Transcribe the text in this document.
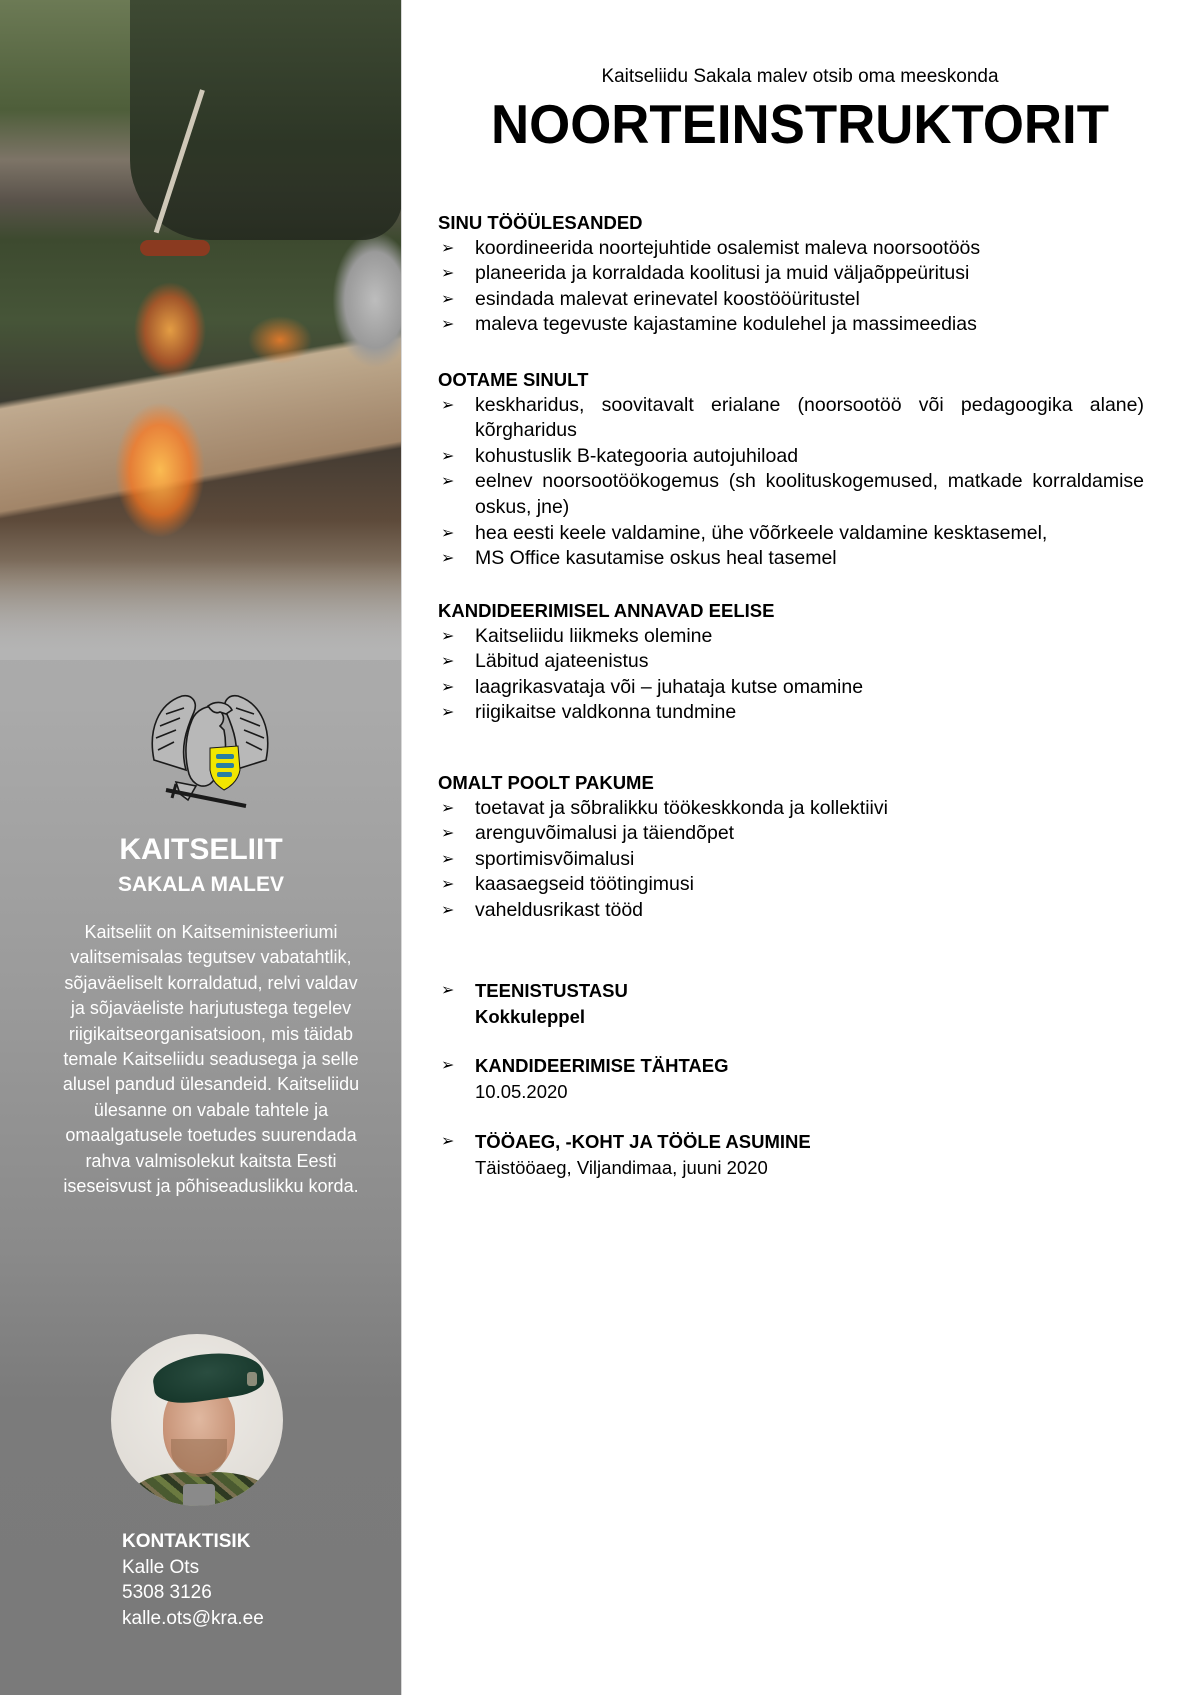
KAITSELIIT
SAKALA MALEV
Kaitseliit on Kaitseministeeriumi valitsemisalas tegutsev vabatahtlik, sõjaväeliselt korraldatud, relvi valdav ja sõjaväeliste harjutustega tegelev riigikaitseorganisatsioon, mis täidab temale Kaitseliidu seadusega ja selle alusel pandud ülesandeid. Kaitseliidu ülesanne on vabale tahtele ja omaalgatusele toetudes suurendada rahva valmisolekut kaitsta Eesti iseseisvust ja põhiseaduslikku korda.
KONTAKTISIK
Kalle Ots
5308 3126
kalle.ots@kra.ee
Kaitseliidu Sakala malev otsib oma meeskonda
NOORTEINSTRUKTORIT
SINU TÖÖÜLESANDED
➢ koordineerida noortejuhtide osalemist maleva noorsootöös
➢ planeerida ja korraldada koolitusi ja muid väljaõppeüritusi
➢ esindada malevat erinevatel koostööüritustel
➢ maleva tegevuste kajastamine kodulehel ja massimeedias
OOTAME SINULT
➢ keskharidus, soovitavalt erialane (noorsootöö või pedagoogika alane) kõrgharidus
➢ kohustuslik B-kategooria autojuhiload
➢ eelnev noorsootöökogemus (sh koolituskogemused, matkade korraldamise oskus, jne)
➢ hea eesti keele valdamine, ühe võõrkeele valdamine kesktasemel,
➢ MS Office kasutamise oskus heal tasemel
KANDIDEERIMISEL ANNAVAD EELISE
➢ Kaitseliidu liikmeks olemine
➢ Läbitud ajateenistus
➢ laagrikasvataja või – juhataja kutse omamine
➢ riigikaitse valdkonna tundmine
OMALT POOLT PAKUME
➢ toetavat ja sõbralikku töökeskkonda ja kollektiivi
➢ arenguvõimalusi ja täiendõpet
➢ sportimisvõimalusi
➢ kaasaegseid töötingimusi
➢ vaheldusrikast tööd
➢ TEENISTUSTASU
Kokkuleppel
➢ KANDIDEERIMISE TÄHTAEG
10.05.2020
➢ TÖÖAEG, -KOHT JA TÖÖLE ASUMINE
Täistööaeg, Viljandimaa, juuni 2020
